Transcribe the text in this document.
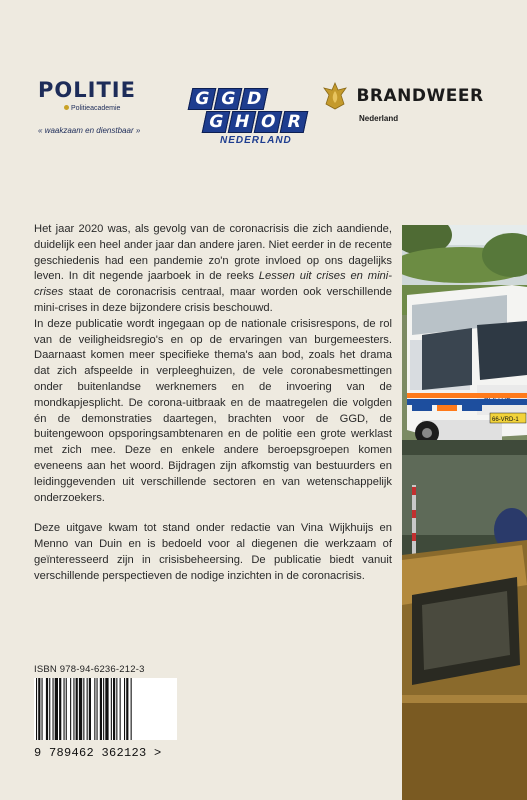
POLITIE
Politieacademie
« waakzaam en dienstbaar »
G G D
G H O R
NEDERLAND
BRANDWEER
Nederland

Het jaar 2020 was, als gevolg van de coronacrisis die zich aandiende, duidelijk een heel ander jaar dan andere jaren. Niet eerder in de recente geschiedenis had een pandemie zo'n grote invloed op ons dagelijks leven. In dit negende jaarboek in de reeks Lessen uit crises en mini-crises staat de coronacrisis centraal, maar worden ook verschillende mini-crises in deze bijzondere crisis beschouwd.

In deze publicatie wordt ingegaan op de nationale crisisrespons, de rol van de veiligheidsregio's en op de ervaringen van burgemeesters. Daarnaast komen meer specifieke thema's aan bod, zoals het drama dat zich afspeelde in verpleeghuizen, de vele coronabesmettingen onder buitenlandse werknemers en de invoering van de mondkapjesplicht. De corona-uitbraak en de maatregelen die volgden én de demonstraties daartegen, brachten voor de GGD, de buitengewoon opsporingsambtenaren en de politie een grote werklast met zich mee. Deze en enkele andere beroepsgroepen komen eveneens aan het woord. Bijdragen zijn afkomstig van bestuurders en leidinggevenden uit verschillende sectoren en van wetenschappelijk onderzoekers.

Deze uitgave kwam tot stand onder redactie van Vina Wijkhuijs en Menno van Duin en is bedoeld voor al diegenen die werkzaam of geïnteresseerd zijn in crisisbeheersing. De publicatie biedt vanuit verschillende perspectieven de nodige inzichten in de coronacrisis.

66-VRD-1
ISBN 978-94-6236-212-3
9 789462 362123 >
